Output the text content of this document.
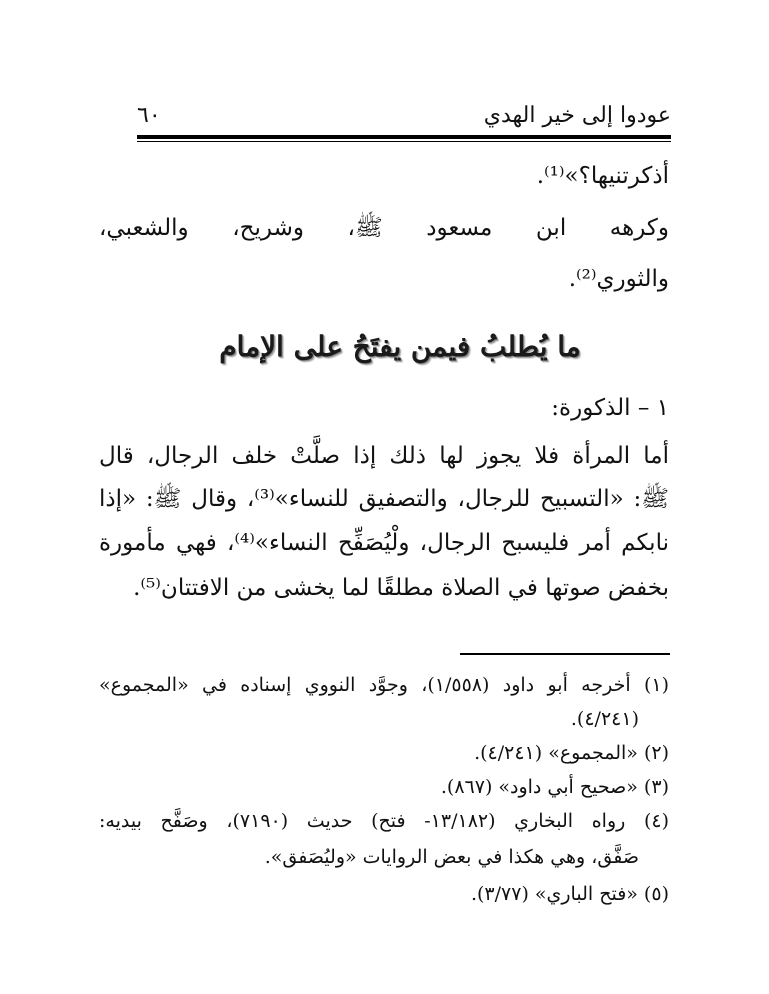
عودوا إلى خير الهدي
٦٠
أذكرتنيها؟»⁽¹⁾.
وكرهه ابن مسعود ﷺ، وشريح، والشعبي،
والثوري⁽²⁾.
ما يُطلبُ فيمن يفتَحُ على الإمام
١ – الذكورة:
أما المرأة فلا يجوز لها ذلك إذا صلَّتْ خلف الرجال، قال
ﷺ: «التسبيح للرجال، والتصفيق للنساء»⁽³⁾، وقال ﷺ: «إذا
نابكم أمر فليسبح الرجال، ولْيُصَفِّح النساء»⁽⁴⁾، فهي مأمورة
بخفض صوتها في الصلاة مطلقًا لما يخشى من الافتتان⁽⁵⁾.
(١) أخرجه أبو داود (١/٥٥٨)، وجوَّد النووي إسناده في «المجموع»
(٤/٢٤١).
(٢) «المجموع» (٤/٢٤١).
(٣) «صحيح أبي داود» (٨٦٧).
(٤) رواه البخاري (١٣/١٨٢- فتح) حديث (٧١٩٠)، وصَفَّح بيديه:
صَفَّق، وهي هكذا في بعض الروايات «وليُصَفق».
(٥) «فتح الباري» (٣/٧٧).
